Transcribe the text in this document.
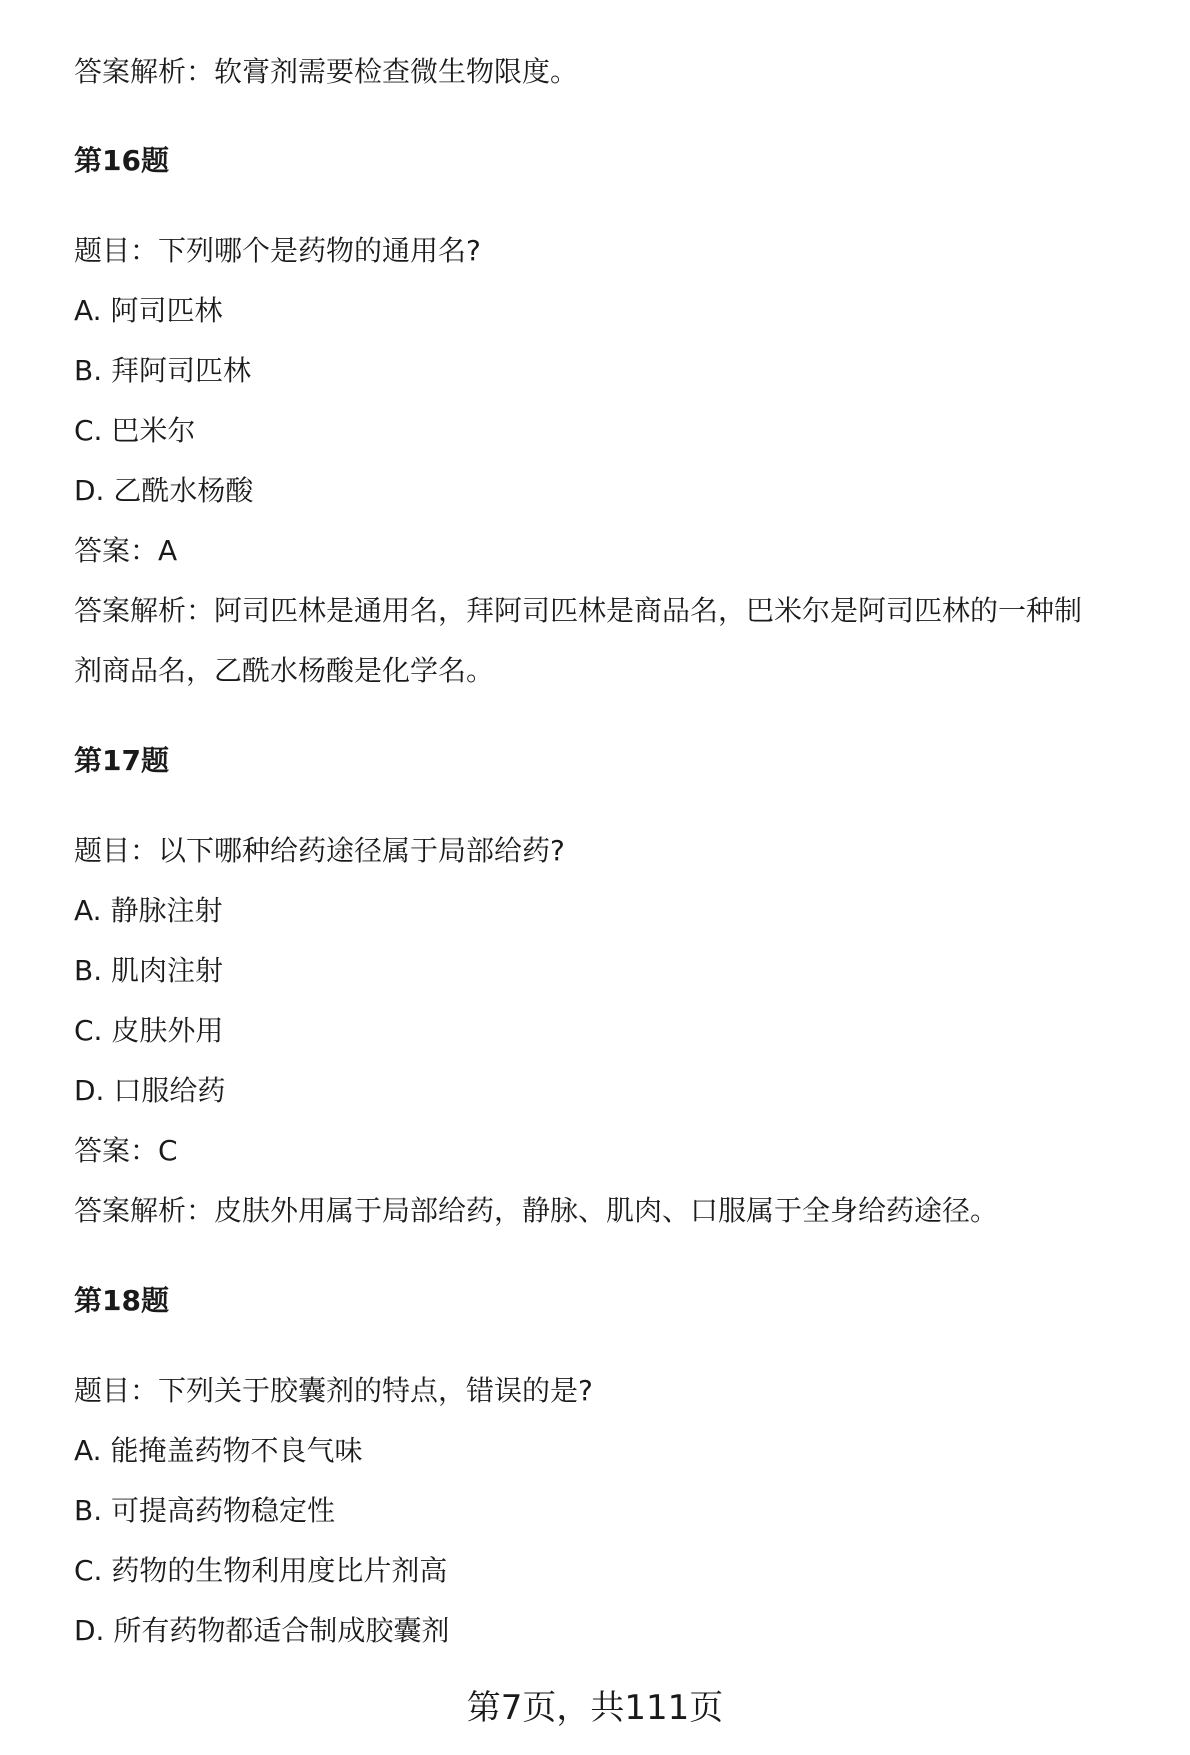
答案解析：软膏剂需要检查微生物限度。
第16题
题目：下列哪个是药物的通用名?
A. 阿司匹林
B. 拜阿司匹林
C. 巴米尔
D. 乙酰水杨酸
答案：A
答案解析：阿司匹林是通用名，拜阿司匹林是商品名，巴米尔是阿司匹林的一种制
剂商品名，乙酰水杨酸是化学名。
第17题
题目：以下哪种给药途径属于局部给药?
A. 静脉注射
B. 肌肉注射
C. 皮肤外用
D. 口服给药
答案：C
答案解析：皮肤外用属于局部给药，静脉、肌肉、口服属于全身给药途径。
第18题
题目：下列关于胶囊剂的特点，错误的是?
A. 能掩盖药物不良气味
B. 可提高药物稳定性
C. 药物的生物利用度比片剂高
D. 所有药物都适合制成胶囊剂
第7页，共111页
